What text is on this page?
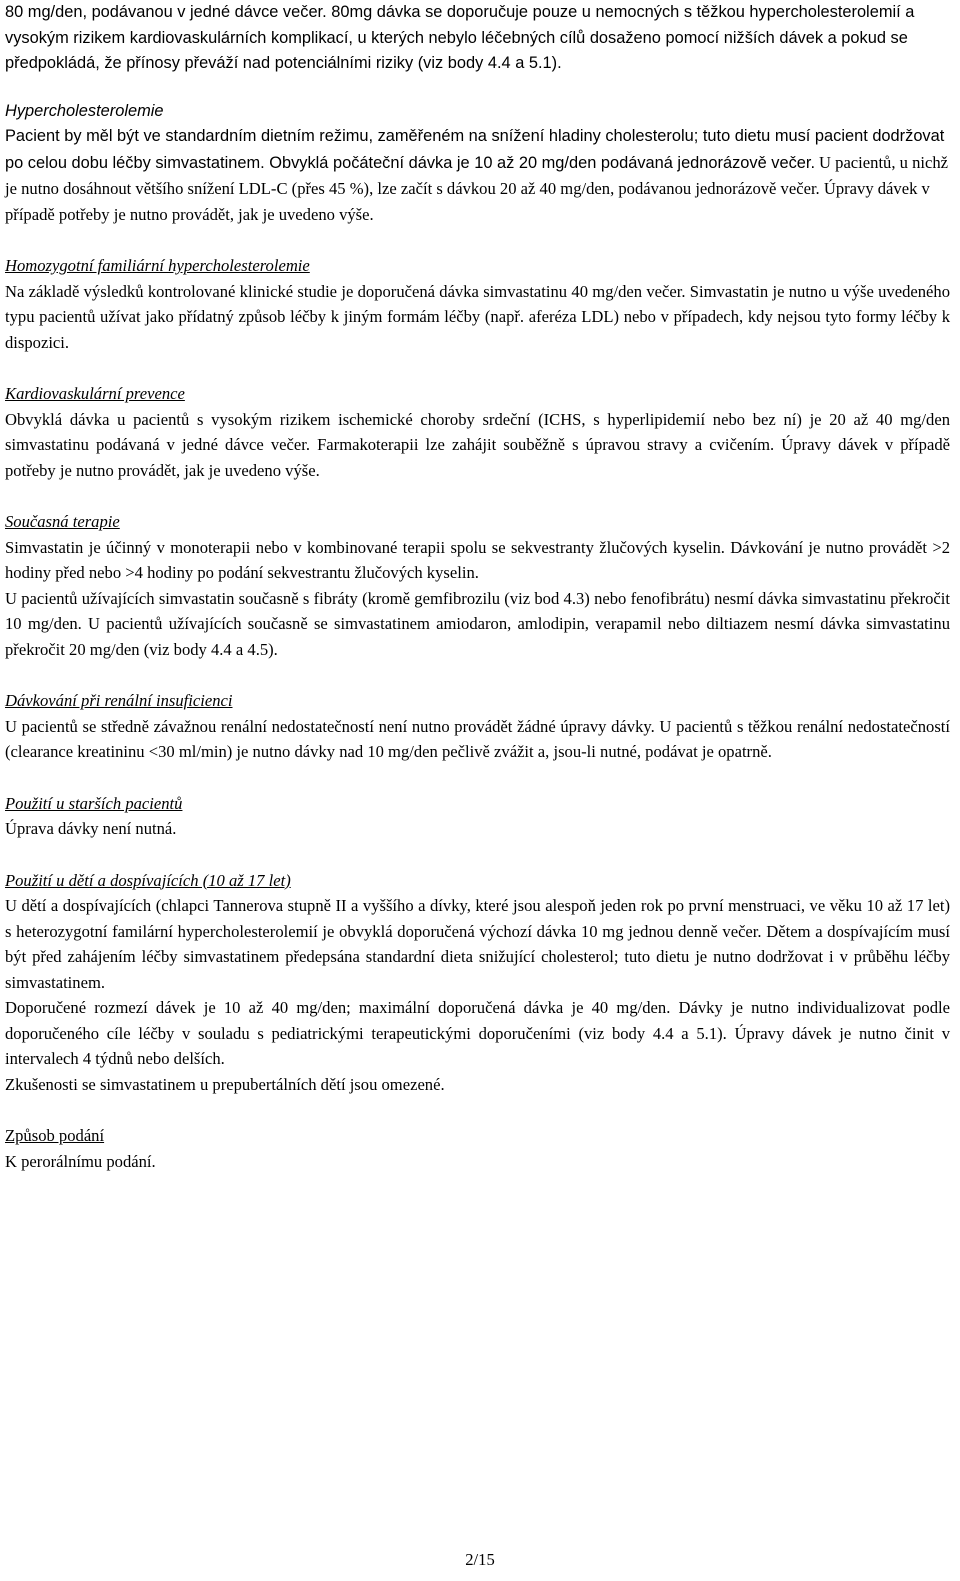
80 mg/den, podávanou v jedné dávce večer. 80mg dávka se doporučuje pouze u nemocných s těžkou hypercholesterolemií a vysokým rizikem kardiovaskulárních komplikací, u kterých nebylo léčebných cílů dosaženo pomocí nižších dávek a pokud se předpokládá, že přínosy převáží nad potenciálními riziky (viz body 4.4 a 5.1).

Hypercholesterolemie

Pacient by měl být ve standardním dietním režimu, zaměřeném na snížení hladiny cholesterolu; tuto dietu musí pacient dodržovat po celou dobu léčby simvastatinem. Obvyklá počáteční dávka je 10 až 20 mg/den podávaná jednorázově večer.

U pacientů, u nichž je nutno dosáhnout většího snížení LDL-C (přes 45 %), lze začít s dávkou 20 až 40 mg/den, podávanou jednorázově večer. Úpravy dávek v případě potřeby je nutno provádět, jak je uvedeno výše.

Homozygotní familiární hypercholesterolemie

Na základě výsledků kontrolované klinické studie je doporučená dávka simvastatinu 40 mg/den večer. Simvastatin je nutno u výše uvedeného typu pacientů užívat jako přídatný způsob léčby k jiným formám léčby (např. aferéza LDL) nebo v případech, kdy nejsou tyto formy léčby k dispozici.

Kardiovaskulární prevence

Obvyklá dávka u pacientů s vysokým rizikem ischemické choroby srdeční (ICHS, s hyperlipidemií nebo bez ní) je 20 až 40 mg/den simvastatinu podávaná v jedné dávce večer. Farmakoterapii lze zahájit souběžně s úpravou stravy a cvičením. Úpravy dávek v případě potřeby je nutno provádět, jak je uvedeno výše.

Současná terapie

Simvastatin je účinný v monoterapii nebo v kombinované terapii spolu se sekvestranty žlučových kyselin. Dávkování je nutno provádět >2 hodiny před nebo >4 hodiny po podání sekvestrantu žlučových kyselin.

U pacientů užívajících simvastatin současně s fibráty (kromě gemfibrozilu (viz bod 4.3) nebo fenofibrátu) nesmí dávka simvastatinu překročit 10 mg/den. U pacientů užívajících současně se simvastatinem amiodaron, amlodipin, verapamil nebo diltiazem nesmí dávka simvastatinu překročit 20 mg/den (viz body 4.4 a 4.5).

Dávkování při renální insuficienci

U pacientů se středně závažnou renální nedostatečností není nutno provádět žádné úpravy dávky. U pacientů s těžkou renální nedostatečností (clearance kreatininu <30 ml/min) je nutno dávky nad 10 mg/den pečlivě zvážit a, jsou-li nutné, podávat je opatrně.

Použití u starších pacientů

Úprava dávky není nutná.

Použití u dětí a dospívajících (10 až 17 let)

U dětí a dospívajících (chlapci Tannerova stupně II a vyššího a dívky, které jsou alespoň jeden rok po první menstruaci, ve věku 10 až 17 let) s heterozygotní familární hypercholesterolemií je obvyklá doporučená výchozí dávka 10 mg jednou denně večer. Dětem a dospívajícím musí být před zahájením léčby simvastatinem předepsána standardní dieta snižující cholesterol; tuto dietu je nutno dodržovat i v průběhu léčby simvastatinem.

Doporučené rozmezí dávek je 10 až 40 mg/den; maximální doporučená dávka je 40 mg/den. Dávky je nutno individualizovat podle doporučeného cíle léčby v souladu s pediatrickými terapeutickými doporučeními (viz body 4.4 a 5.1). Úpravy dávek je nutno činit v intervalech 4 týdnů nebo delších.

Zkušenosti se simvastatinem u prepubertálních dětí jsou omezené.

Způsob podání

K perorálnímu podání.

2/15
